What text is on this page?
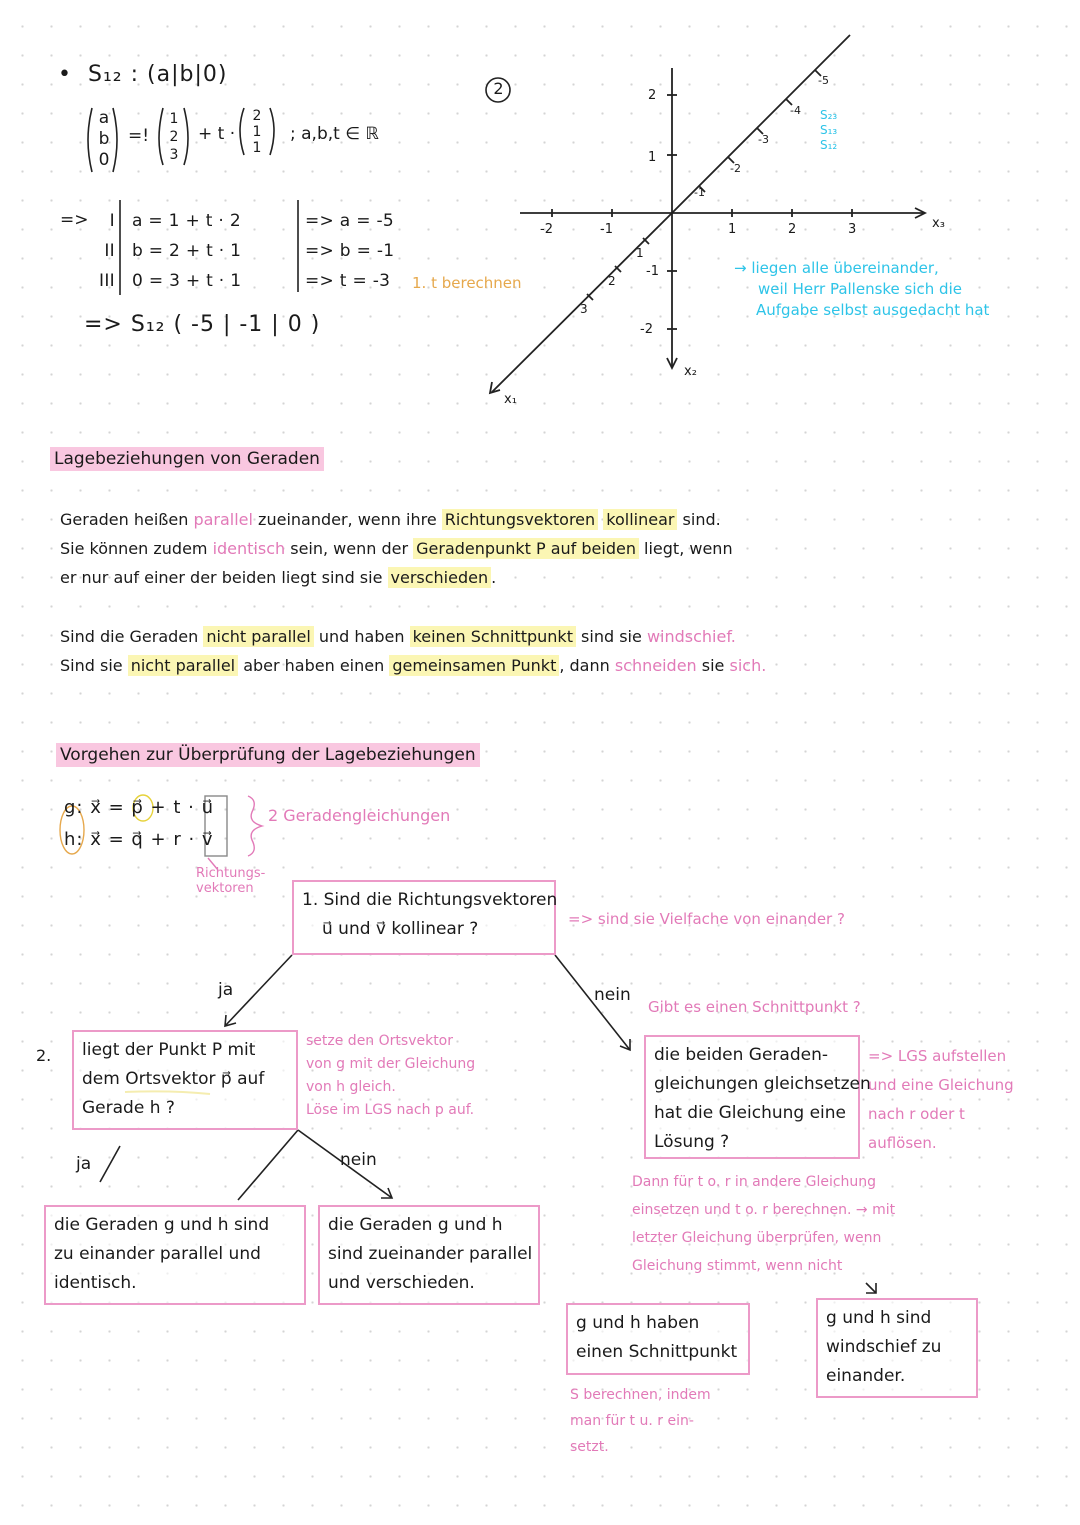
• S₁₂ : (a|b|0)
a
b
0
=!
1
2
3
+ t ·
2
1
1
; a,b,t ∈ ℝ
=>	I a = 1 + t · 2	=> a = -5
II b = 2 + t · 1	=> b = -1
III 0 = 3 + t · 1	=> t = -3 1. t berechnen
=> S₁₂ ( -5 | -1 | 0 )
2
1
2
3
1
2
-1
-2
-2	-1	1	2	3
-1
-2
-3
-4
-5
x₁
x₂
x₃
S₂₃
S₁₃
S₁₂
→ liegen alle übereinander,
weil Herr Pallenske sich die
Aufgabe selbst ausgedacht hat
Lagebeziehungen von Geraden
Geraden heißen parallel zueinander, wenn ihre Richtungsvektoren kollinear sind.
Sie können zudem identisch sein, wenn der Geradenpunkt P auf beiden liegt, wenn
er nur auf einer der beiden liegt sind sie verschieden .
Sind die Geraden nicht parallel und haben keinen Schnittpunkt sind sie windschief.
Sind sie nicht parallel aber haben einen gemeinsamen Punkt , dann schneiden sie sich.
Vorgehen zur Überprüfung der Lagebeziehungen
g: x⃗ = p⃗ + t · u⃗
h: x⃗ = q⃗ + r · v⃗
2 Geradengleichungen
Richtungs-
vektoren
1. Sind die Richtungsvektoren
u⃗ und v⃗ kollinear ?	=> sind sie Vielfache von einander ?
ja	nein
2. liegt der Punkt P mit
dem Ortsvektor p⃗ auf
Gerade h ?
setze den Ortsvektor
von g mit der Gleichung
von h gleich.
Löse im LGS nach p auf.
ja	nein
die Geraden g und h sind
zu einander parallel und
identisch.
die Geraden g und h
sind zueinander parallel
und verschieden.
Gibt es einen Schnittpunkt ?
die beiden Geraden-
gleichungen gleichsetzen
hat die Gleichung eine
Lösung ?
=> LGS aufstellen
und eine Gleichung
nach r oder t
auflösen.
Dann für t o. r in andere Gleichung
einsetzen und t o. r berechnen. → mit
letzter Gleichung überprüfen, wenn
Gleichung stimmt, wenn nicht
g und h haben
einen Schnittpunkt
S berechnen, indem
man für t u. r ein-
setzt.
g und h sind
windschief zu
einander.
